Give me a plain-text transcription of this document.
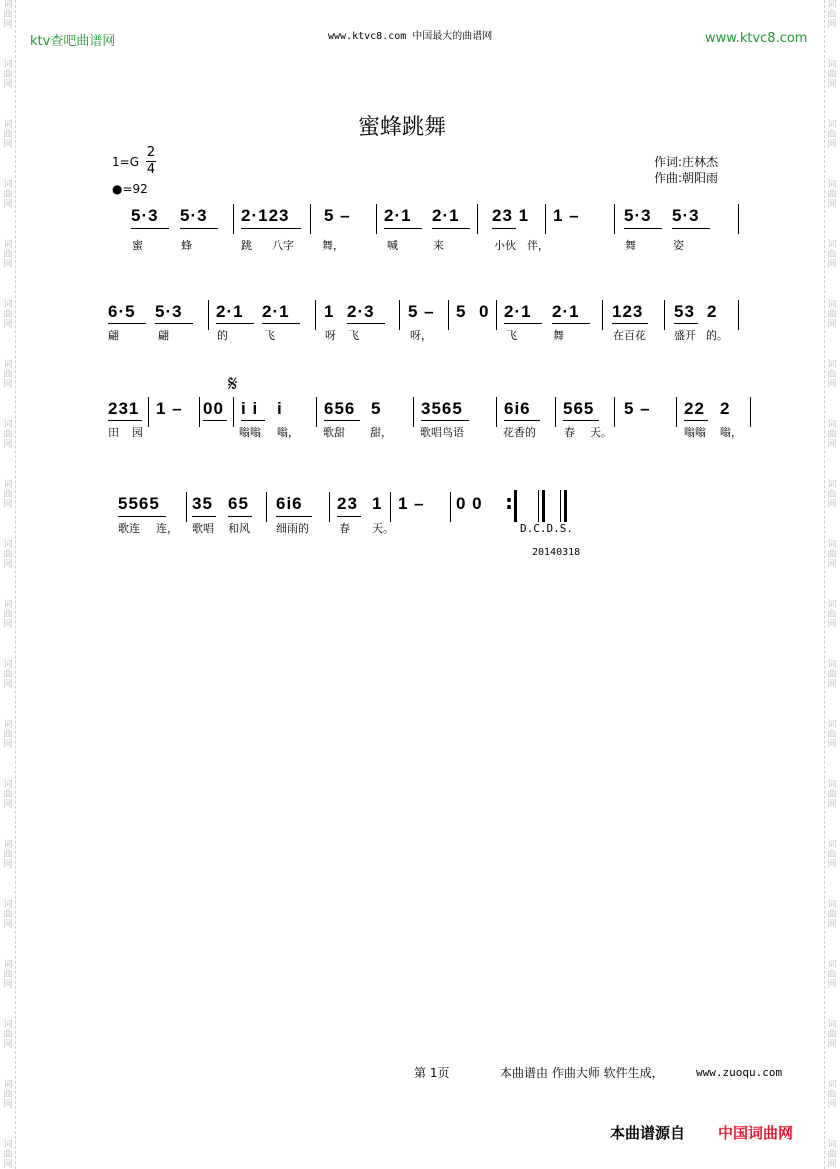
词曲网
词曲网
词曲网
词曲网
词曲网
词曲网
词曲网
词曲网
词曲网
词曲网
词曲网
词曲网
词曲网
词曲网
词曲网
词曲网
词曲网
词曲网
词曲网
词曲网
词曲网
词曲网
词曲网
词曲网
词曲网
词曲网
词曲网
词曲网
词曲网
词曲网
词曲网
词曲网
词曲网
词曲网
词曲网
词曲网
词曲网
词曲网
词曲网
词曲网
ktv查吧曲谱网	www.ktvc8.com 中国最大的曲谱网	www.ktvc8.com
蜜蜂跳舞
1=G
2
4
●=92
作词:庄林杰
作曲:朝阳雨
5·3 5·3 2·123 5 – 2·1 2·1 23 1 1 –	5·3 5·3
蜜	蜂	跳 八字	舞，	喊	来	小伙 伴，	舞	姿
6·5 5·3 2·1 2·1 1 2·3 5 – 5 0 2·1 2·1 123 53 2
翩	翩	的	飞	呀 飞	呀，	飞	舞	在百花	盛开 的。
231 1 – 00
𝄋
i i i 656 5 3565 6i6 565 5 – 22 2
田 园	嗡嗡 嗡， 歌甜 甜，	歌唱鸟语	花香的	春 天。	嗡嗡 嗡，
5565 35 65 6i6 23 1 1 – 0 0 :
歌连 连， 歌唱 和风 细雨的	春 天。	D.C.D.S.
20140318
第 1页	本曲谱由 作曲大师 软件生成，	www.zuoqu.com
本曲谱源自 中国词曲网
